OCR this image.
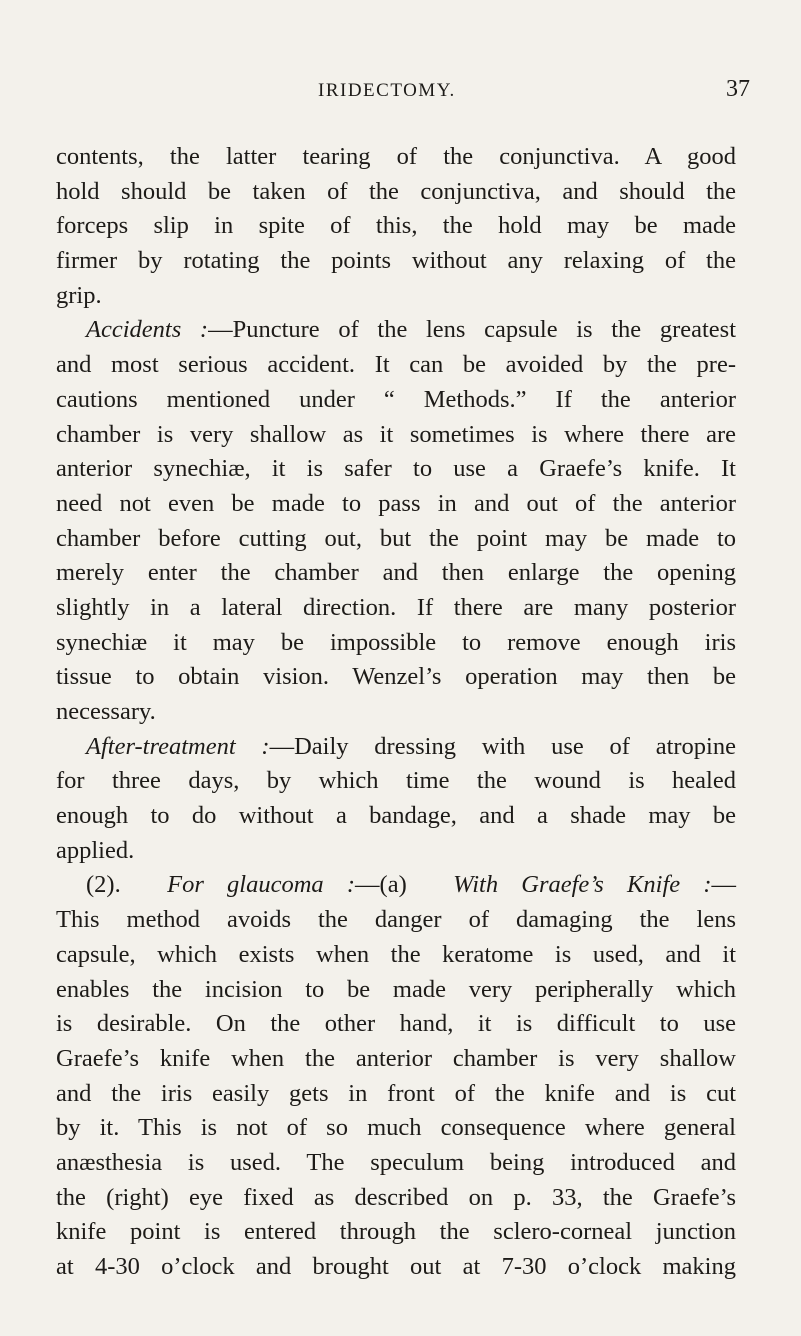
IRIDECTOMY.	37
contents, the latter tearing of the conjunctiva. A good
hold should be taken of the conjunctiva, and should the
forceps slip in spite of this, the hold may be made
firmer by rotating the points without any relaxing of the
grip.
Accidents :—Puncture of the lens capsule is the greatest
and most serious accident. It can be avoided by the pre-
cautions mentioned under “ Methods.” If the anterior
chamber is very shallow as it sometimes is where there are
anterior synechiæ, it is safer to use a Graefe’s knife. It
need not even be made to pass in and out of the anterior
chamber before cutting out, but the point may be made to
merely enter the chamber and then enlarge the opening
slightly in a lateral direction. If there are many posterior
synechiæ it may be impossible to remove enough iris
tissue to obtain vision. Wenzel’s operation may then be
necessary.
After-treatment :—Daily dressing with use of atropine
for three days, by which time the wound is healed
enough to do without a bandage, and a shade may be
applied.
(2). For glaucoma :—(a) With Graefe’s Knife :—
This method avoids the danger of damaging the lens
capsule, which exists when the keratome is used, and it
enables the incision to be made very peripherally which
is desirable. On the other hand, it is difficult to use
Graefe’s knife when the anterior chamber is very shallow
and the iris easily gets in front of the knife and is cut
by it. This is not of so much consequence where general
anæsthesia is used. The speculum being introduced and
the (right) eye fixed as described on p. 33, the Graefe’s
knife point is entered through the sclero-corneal junction
at 4-30 o’clock and brought out at 7-30 o’clock making
